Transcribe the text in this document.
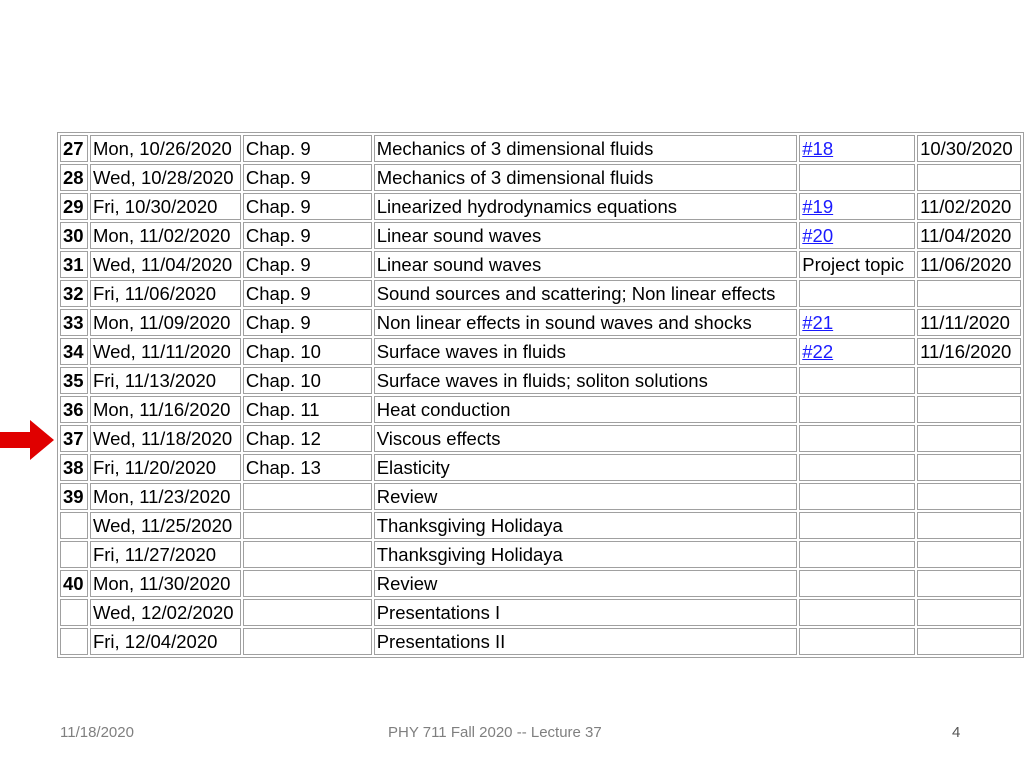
27	Mon, 10/26/2020	Chap. 9	Mechanics of 3 dimensional fluids	#18	10/30/2020
28	Wed, 10/28/2020	Chap. 9	Mechanics of 3 dimensional fluids		
29	Fri, 10/30/2020	Chap. 9	Linearized hydrodynamics equations	#19	11/02/2020
30	Mon, 11/02/2020	Chap. 9	Linear sound waves	#20	11/04/2020
31	Wed, 11/04/2020	Chap. 9	Linear sound waves	Project topic	11/06/2020
32	Fri, 11/06/2020	Chap. 9	Sound sources and scattering; Non linear effects		
33	Mon, 11/09/2020	Chap. 9	Non linear effects in sound waves and shocks	#21	11/11/2020
34	Wed, 11/11/2020	Chap. 10	Surface waves in fluids	#22	11/16/2020
35	Fri, 11/13/2020	Chap. 10	Surface waves in fluids; soliton solutions		
36	Mon, 11/16/2020	Chap. 11	Heat conduction		
37	Wed, 11/18/2020	Chap. 12	Viscous effects		
38	Fri, 11/20/2020	Chap. 13	Elasticity		
39	Mon, 11/23/2020		Review		
	Wed, 11/25/2020		Thanksgiving Holidaya		
	Fri, 11/27/2020		Thanksgiving Holidaya		
40	Mon, 11/30/2020		Review		
	Wed, 12/02/2020		Presentations I		
	Fri, 12/04/2020		Presentations II		
11/18/2020	PHY 711 Fall 2020 -- Lecture 37	4
